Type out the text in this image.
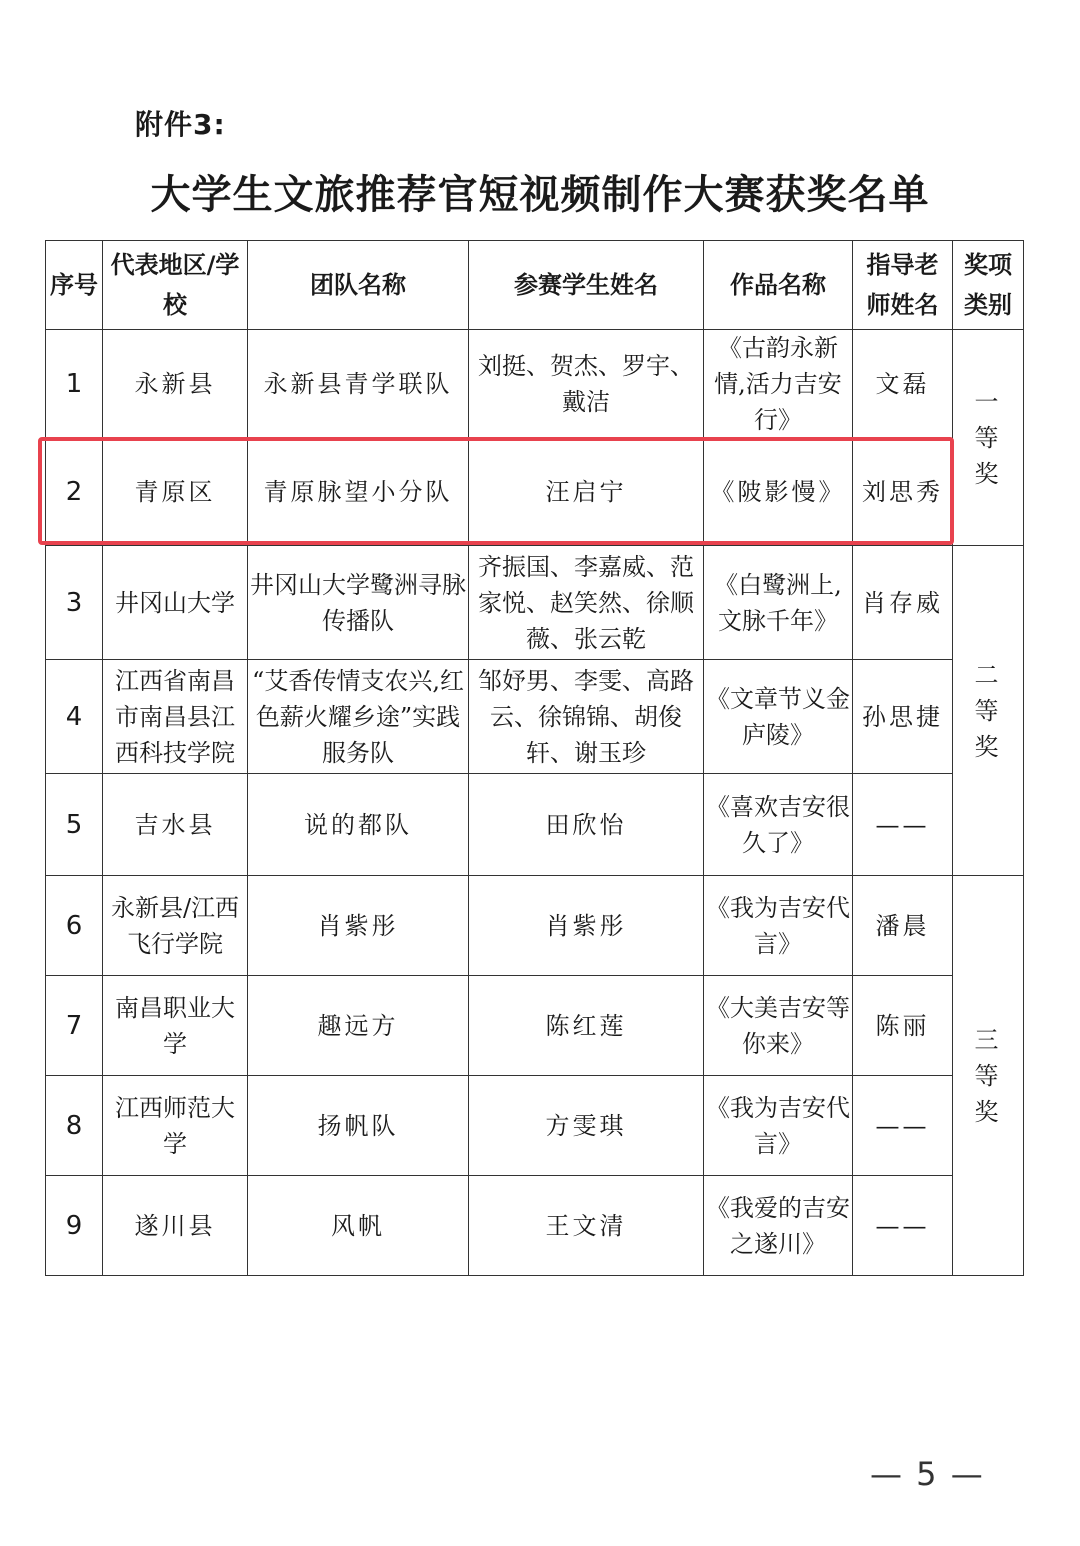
附件3:
大学生文旅推荐官短视频制作大赛获奖名单
序号	代表地区/学校	团队名称	参赛学生姓名	作品名称	指导老师姓名	奖项类别
1	永新县	永新县青学联队	刘挺、贺杰、罗宇、戴洁	《古韵永新情,活力吉安行》	文磊	一等奖
2	青原区	青原脉望小分队	汪启宁	《陂影慢》	刘思秀	
3	井冈山大学	井冈山大学鹭洲寻脉传播队	齐振国、李嘉威、范家悦、赵笑然、徐顺薇、张云乾	《白鹭洲上,文脉千年》	肖存威	二等奖
4	江西省南昌市南昌县江西科技学院	“艾香传情支农兴,红色薪火耀乡途”实践服务队	邹妤男、李雯、高路云、徐锦锦、胡俊轩、谢玉珍	《文章节义金庐陵》	孙思捷	
5	吉水县	说的都队	田欣怡	《喜欢吉安很久了》	——	
6	永新县/江西飞行学院	肖紫彤	肖紫彤	《我为吉安代言》	潘晨	三等奖
7	南昌职业大学	趣远方	陈红莲	《大美吉安等你来》	陈丽	
8	江西师范大学	扬帆队	方雯琪	《我为吉安代言》	——	
9	遂川县	风帆	王文清	《我爱的吉安之遂川》	——	
— 5 —
